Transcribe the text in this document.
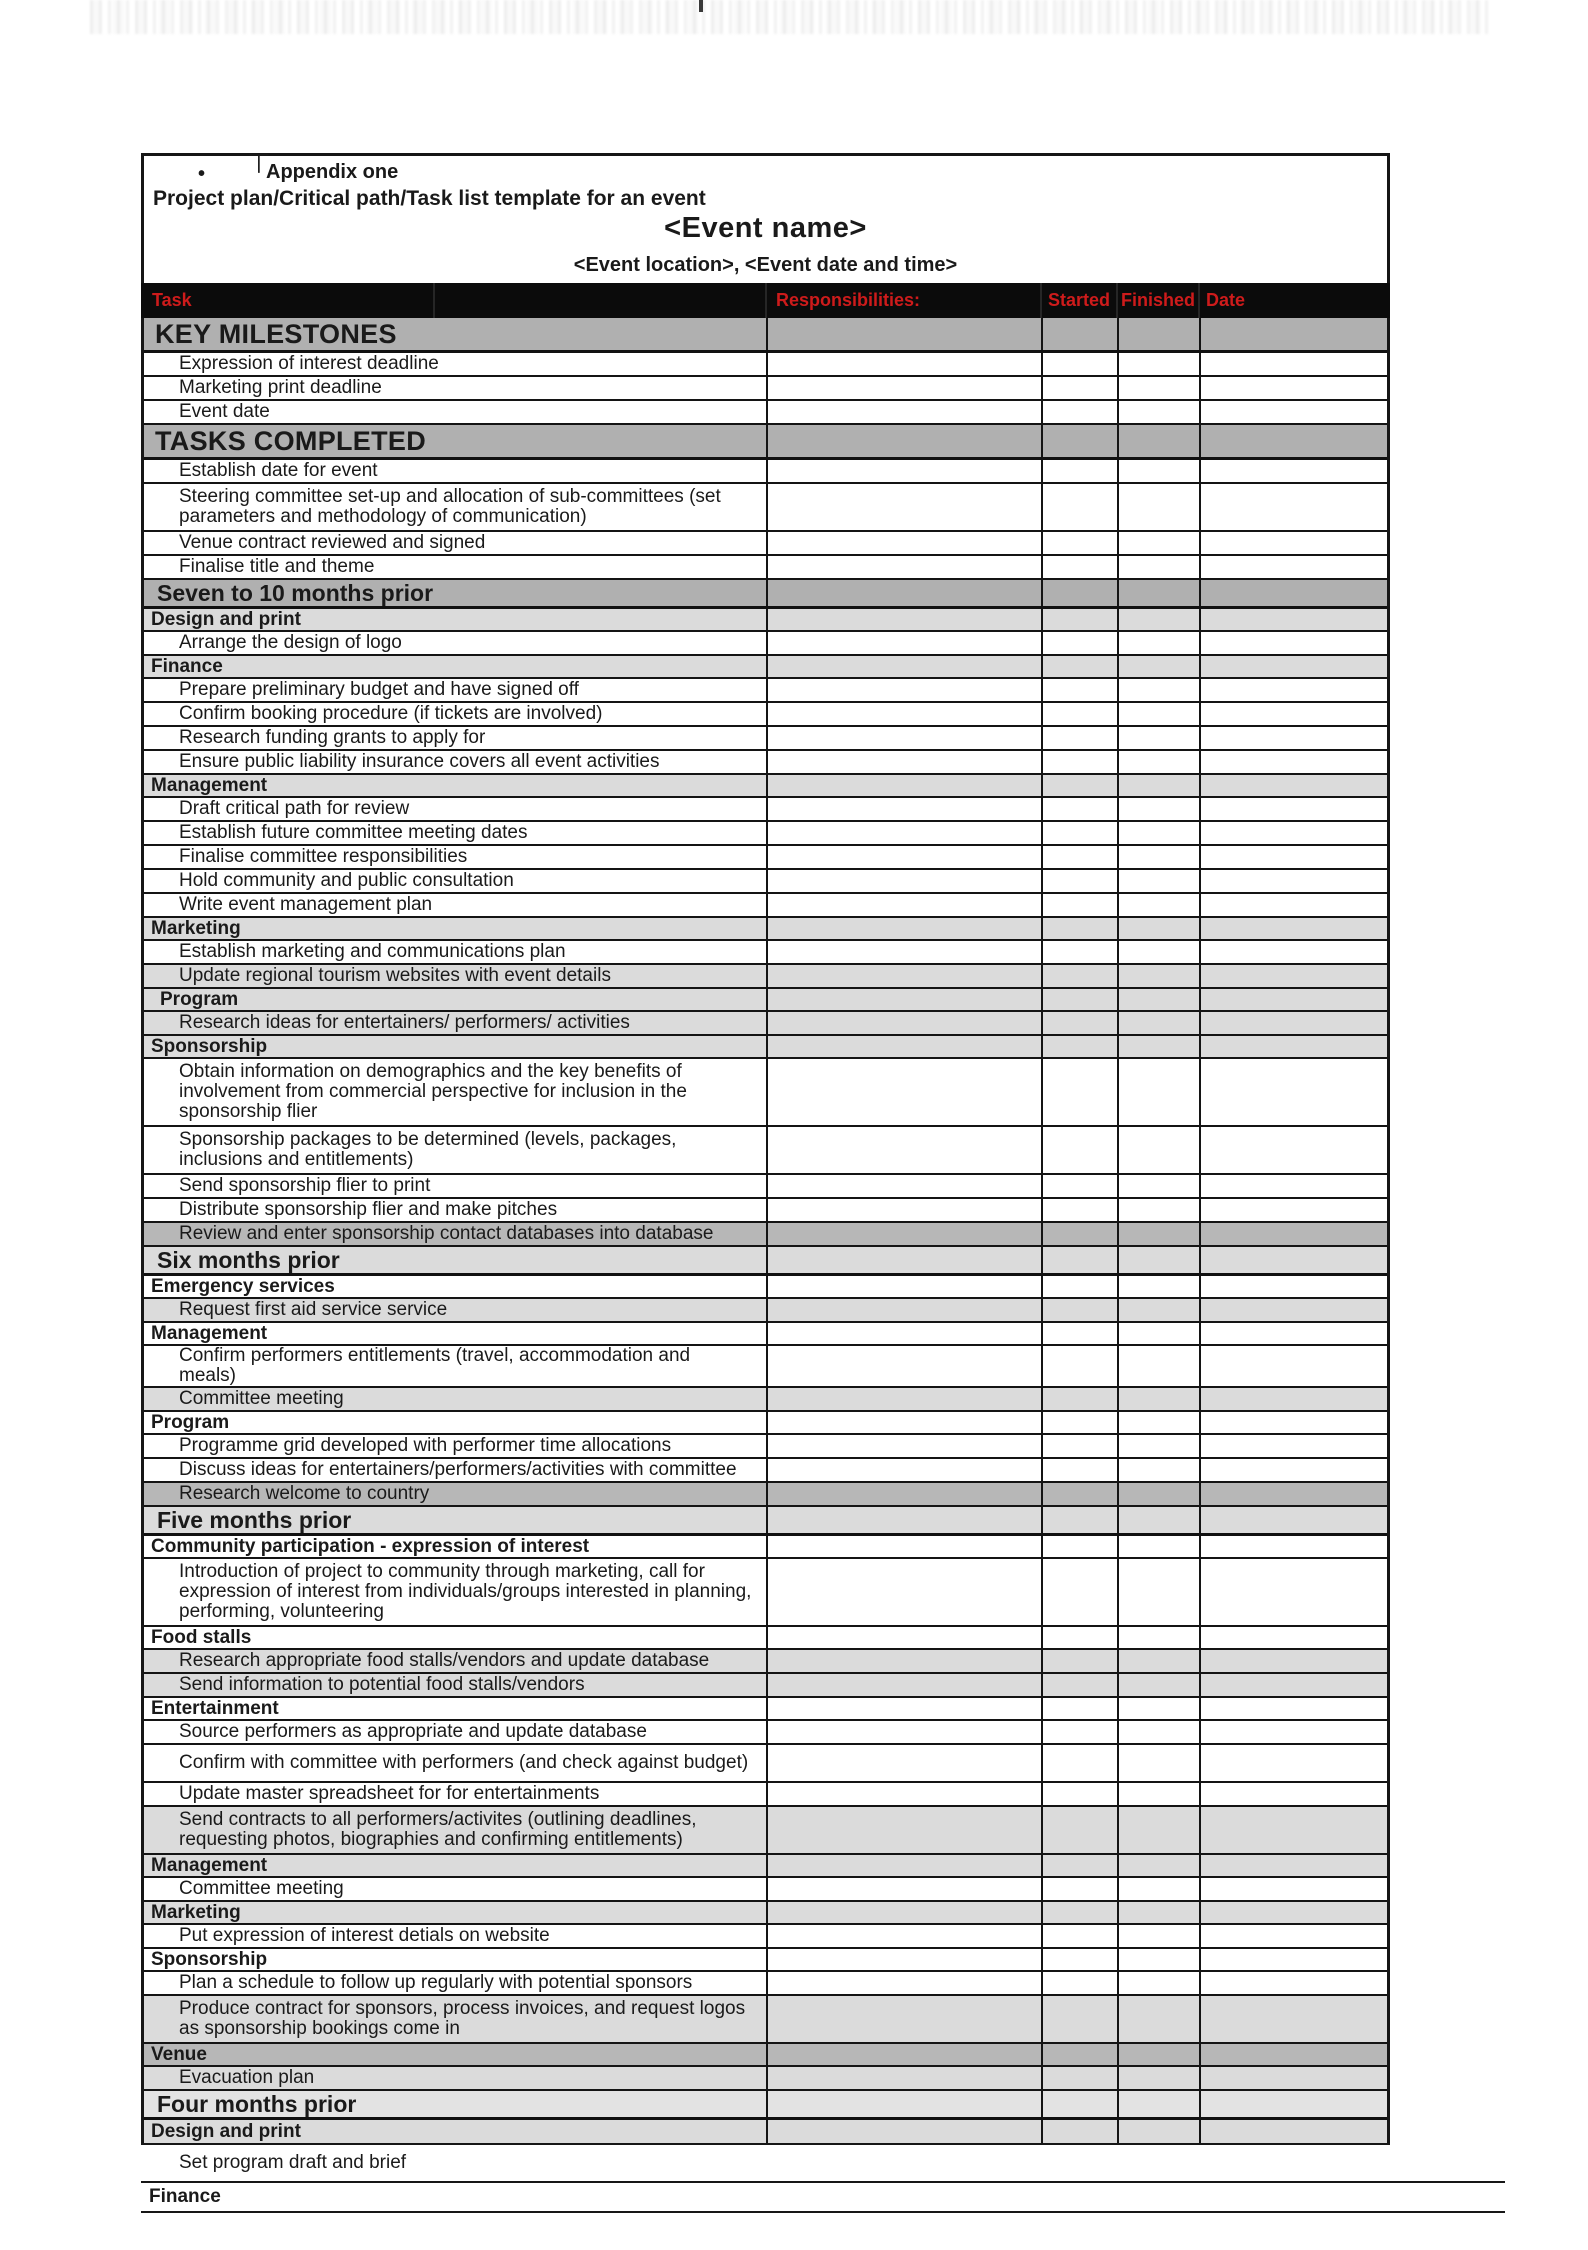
• ⊤
Appendix one
Project plan/Critical path/Task list template for an event
<Event name>
<Event location>, <Event date and time>
Task	Responsibilities:	Started Finished Date
KEY MILESTONES
Expression of interest deadline
Marketing print deadline
Event date
TASKS COMPLETED
Establish date for event
Steering committee set-up and allocation of sub-committees (set parameters and methodology of communication)
Venue contract reviewed and signed
Finalise title and theme
Seven to 10 months prior
Design and print
Arrange the design of logo
Finance
Prepare preliminary budget and have signed off
Confirm booking procedure (if tickets are involved)
Research funding grants to apply for
Ensure public liability insurance covers all event activities
Management
Draft critical path for review
Establish future committee meeting dates
Finalise committee responsibilities
Hold community and public consultation
Write event management plan
Marketing
Establish marketing and communications plan
Update regional tourism websites with event details
Program
Research ideas for entertainers/ performers/ activities
Sponsorship
Obtain information on demographics and the key benefits of involvement from commercial perspective for inclusion in the sponsorship flier
Sponsorship packages to be determined (levels, packages, inclusions and entitlements)
Send sponsorship flier to print
Distribute sponsorship flier and make pitches
Review and enter sponsorship contact databases into database
Six months prior
Emergency services
Request first aid service service
Management
Confirm performers entitlements (travel, accommodation and meals)
Committee meeting
Program
Programme grid developed with performer time allocations
Discuss ideas for entertainers/performers/activities with committee
Research welcome to country
Five months prior
Community participation - expression of interest
Introduction of project to community through marketing, call for expression of interest from individuals/groups interested in planning, performing, volunteering
Food stalls
Research appropriate food stalls/vendors and update database
Send information to potential food stalls/vendors
Entertainment
Source performers as appropriate and update database
Confirm with committee with performers (and check against budget)
Update master spreadsheet for for entertainments
Send contracts to all performers/activites (outlining deadlines, requesting photos, biographies and confirming entitlements)
Management
Committee meeting
Marketing
Put expression of interest detials on website
Sponsorship
Plan a schedule to follow up regularly with potential sponsors
Produce contract for sponsors, process invoices, and request logos as sponsorship bookings come in
Venue
Evacuation plan
Four months prior
Design and print
Set program draft and brief
Finance
